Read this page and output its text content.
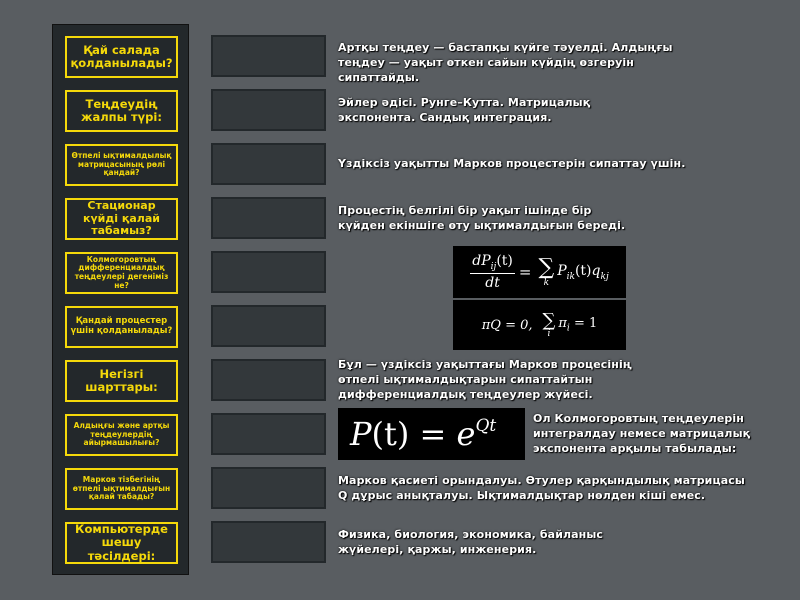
Қай салада қолданылады?
Теңдеудің жалпы түрі:
Өтпелі ықтималдылық матрицасының рөлі қандай?
Стационар күйді қалай табамыз?
Колмогоровтың дифференциалдық теңдеулері дегеніміз не?
Қандай процестер үшін қолданылады?
Негізгі шарттары:
Алдыңғы және артқы теңдеулердің айырмашылығы?
Марков тізбегінің өтпелі ықтималдығын қалай табады?
Компьютерде шешу тәсілдері:
Артқы теңдеу — бастапқы күйге тәуелді. Алдыңғы теңдеу — уақыт өткен сайын күйдің өзгеруін сипаттайды.
Эйлер әдісі. Рунге–Кутта. Матрицалық экспонента. Сандық интеграция.
Үздіксіз уақытты Марков процестерін сипаттау үшін.
Процестің белгілі бір уақыт ішінде бір күйден екіншіге өту ықтималдығын береді.
$\frac{dP_{ij}(t)}{dt}$ = ∑
k
$P_{ik}(t)q_{kj}$
πQ = 0, ∑
i
$\pi_i = 1$
Бұл — үздіксіз уақыттағы Марков процесінің өтпелі ықтималдықтарын сипаттайтын дифференциалдық теңдеулер жүйесі.
$P(t) = e^{Qt}$	Ол Колмогоровтың теңдеулерін интегралдау немесе матрицалық экспонента арқылы табылады:
Марков қасиеті орындалуы. Өтулер қарқындылық матрицасы Q дұрыс анықталуы. Ықтималдықтар нөлден кіші емес.
Физика, биология, экономика, байланыс жүйелері, қаржы, инженерия.
